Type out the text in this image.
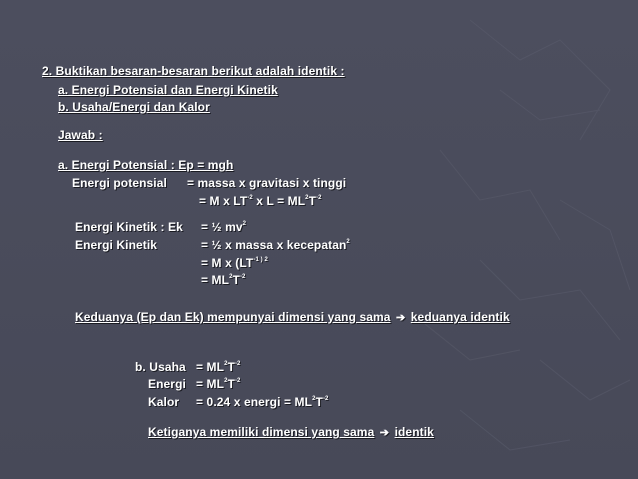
2. Buktikan besaran-besaran berikut adalah identik :
a. Energi Potensial dan Energi Kinetik
b. Usaha/Energi dan Kalor
Jawab :
a. Energi Potensial : Ep = mgh
Energi potensial = massa x gravitasi x tinggi
= M x $LT^{-2}$ x $L = ML^2T^{-2}$
Energi Kinetik : Ek = ½ $mv^2$
Energi Kinetik	= ½ x massa x kecepatan$^2$
= M x ($LT^{-1 ) 2}$
= $ML^2T^{-2}$
Keduanya (Ep dan Ek) mempunyai dimensi yang sama ➔ keduanya identik
b. Usaha = $ML^2T^{-2}$
Energi = $ML^2T^{-2}$
Kalor = 0.24 x energi = $ML^2T^{-2}$
Ketiganya memiliki dimensi yang sama ➔ identik
